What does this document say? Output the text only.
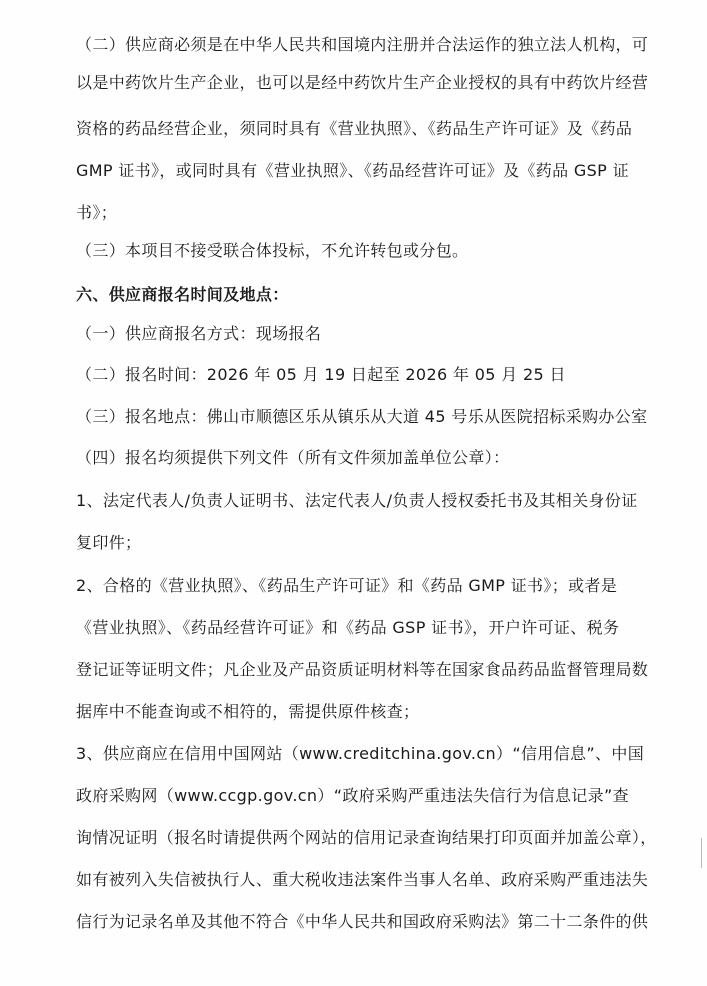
（二）供应商必须是在中华人民共和国境内注册并合法运作的独立法人机构，可
以是中药饮片生产企业，也可以是经中药饮片生产企业授权的具有中药饮片经营
资格的药品经营企业，须同时具有《营业执照》、《药品生产许可证》及《药品
GMP 证书》，或同时具有《营业执照》、《药品经营许可证》及《药品 GSP 证
书》；
（三）本项目不接受联合体投标，不允许转包或分包。
六、供应商报名时间及地点：
（一）供应商报名方式：现场报名
（二）报名时间：2026 年 05 月 19 日起至 2026 年 05 月 25 日
（三）报名地点：佛山市顺德区乐从镇乐从大道 45 号乐从医院招标采购办公室
（四）报名均须提供下列文件（所有文件须加盖单位公章）：
1、法定代表人/负责人证明书、法定代表人/负责人授权委托书及其相关身份证
复印件；
2、合格的《营业执照》、《药品生产许可证》和《药品 GMP 证书》；或者是
《营业执照》、《药品经营许可证》和《药品 GSP 证书》，开户许可证、税务
登记证等证明文件；凡企业及产品资质证明材料等在国家食品药品监督管理局数
据库中不能查询或不相符的，需提供原件核查；
3、供应商应在信用中国网站（www.creditchina.gov.cn）“信用信息”、中国
政府采购网（www.ccgp.gov.cn）“政府采购严重违法失信行为信息记录”查
询情况证明（报名时请提供两个网站的信用记录查询结果打印页面并加盖公章），
如有被列入失信被执行人、重大税收违法案件当事人名单、政府采购严重违法失
信行为记录名单及其他不符合《中华人民共和国政府采购法》第二十二条件的供
